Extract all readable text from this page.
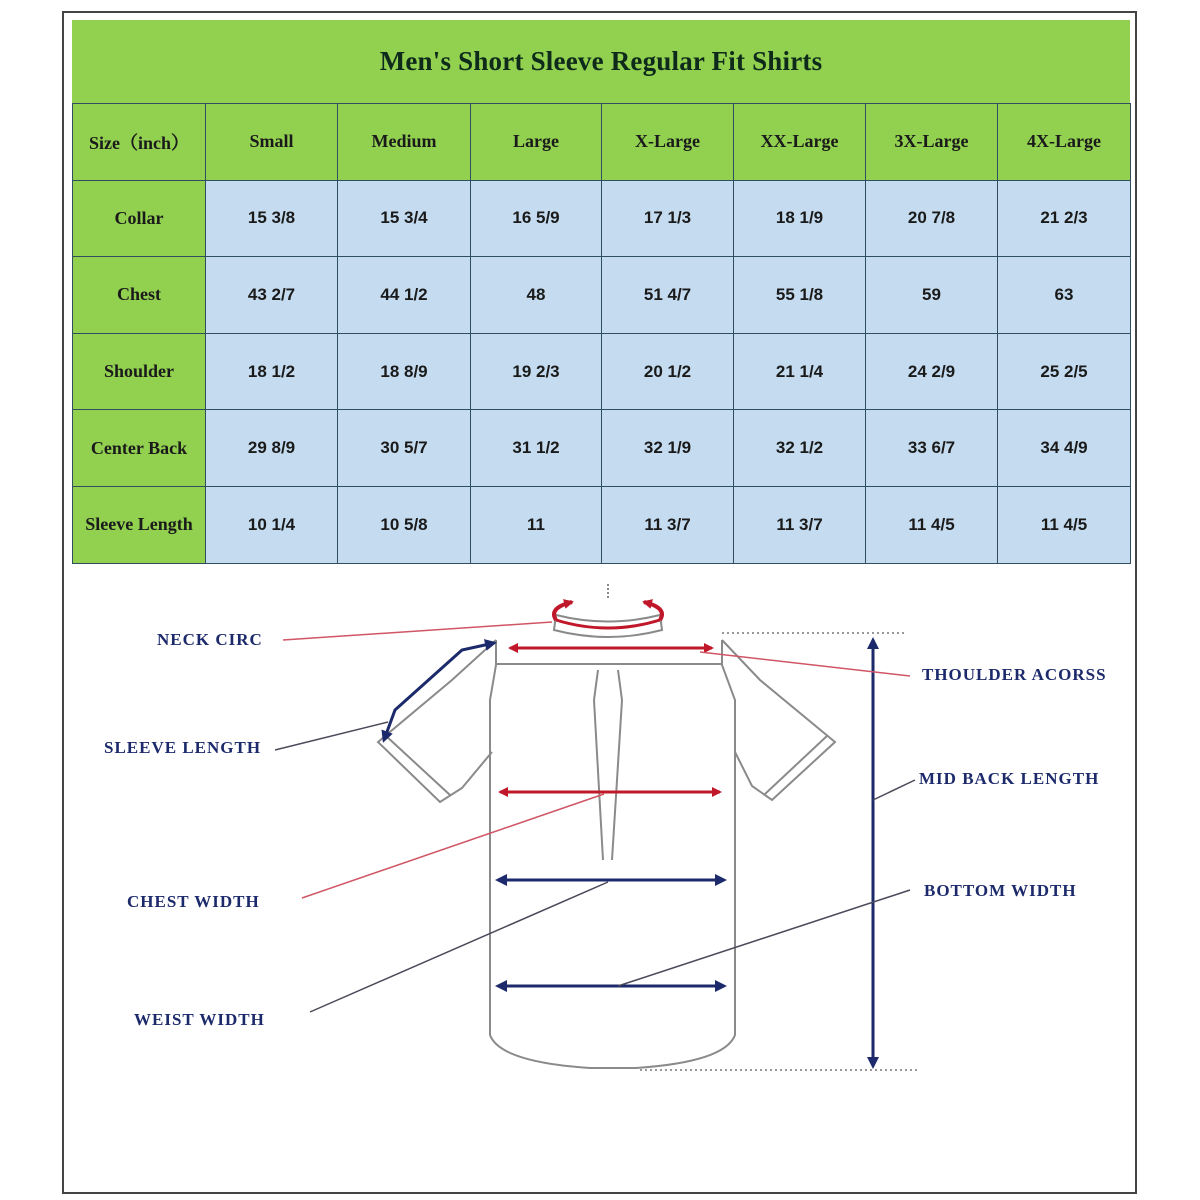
Men's Short Sleeve Regular Fit Shirts
Size（inch）	Small	Medium	Large	X-Large	XX-Large	3X-Large	4X-Large
Collar	15 3/8	15 3/4	16 5/9	17 1/3	18 1/9	20 7/8	21 2/3
Chest	43 2/7	44 1/2	48	51 4/7	55 1/8	59	63
Shoulder	18 1/2	18 8/9	19 2/3	20 1/2	21 1/4	24 2/9	25 2/5
Center Back	29 8/9	30 5/7	31 1/2	32 1/9	32 1/2	33 6/7	34 4/9
Sleeve Length	10 1/4	10 5/8	11	11 3/7	11 3/7	11 4/5	11 4/5
NECK CIRC
SLEEVE LENGTH
CHEST WIDTH
WEIST WIDTH
THOULDER ACORSS
MID BACK LENGTH
BOTTOM WIDTH
